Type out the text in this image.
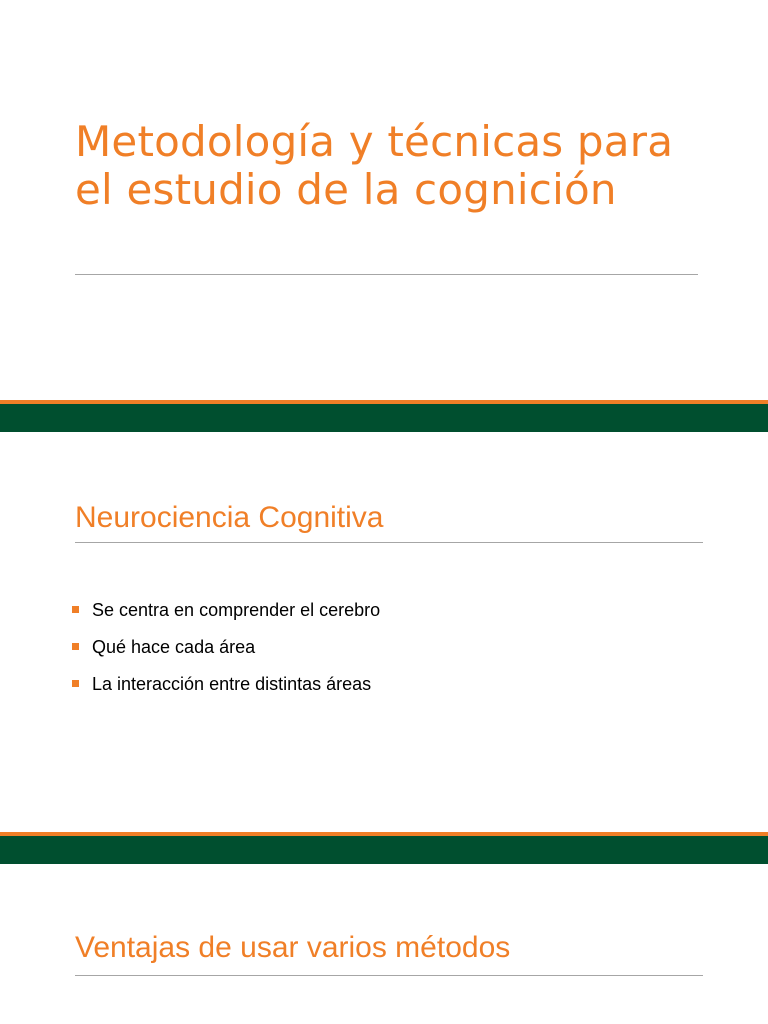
Metodología y técnicas para el estudio de la cognición
Neurociencia Cognitiva
Se centra en comprender el cerebro
Qué hace cada área
La interacción entre distintas áreas
Ventajas de usar varios métodos
